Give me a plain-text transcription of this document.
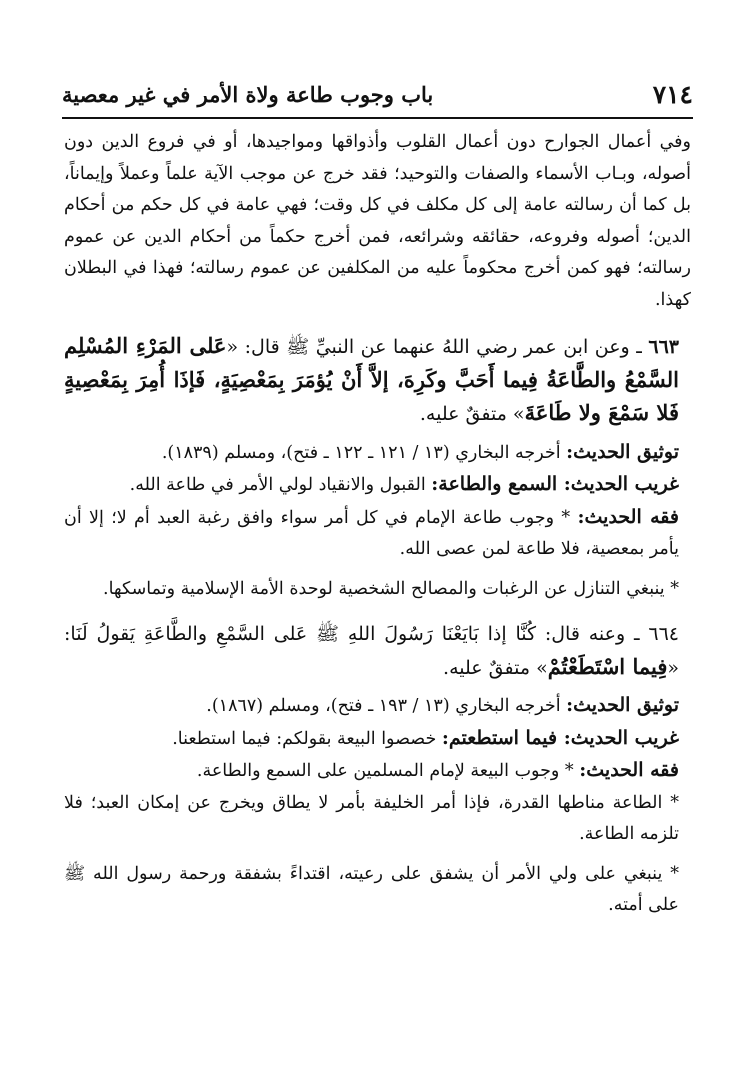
٧١٤
باب وجوب طاعة ولاة الأمر في غير معصية

وفي أعمال الجوارح دون أعمال القلوب وأذواقها ومواجيدها، أو في فروع الدين دون أصوله، وبـاب الأسماء والصفات والتوحيد؛ فقد خرج عن موجب الآية علماً وعملاً وإيماناً، بل كما أن رسالته عامة إلى كل مكلف في كل وقت؛ فهي عامة في كل حكم من أحكام الدين؛ أصوله وفروعه، حقائقه وشرائعه، فمن أخرج حكماً من أحكام الدين عن عموم رسالته؛ فهو كمن أخرج محكوماً عليه من المكلفين عن عموم رسالته؛ فهذا في البطلان كهذا.

٦٦٣ ـ وعن ابن عمر رضي اللهُ عنهما عن النبيِّ ﷺ قال: «عَلى المَرْءِ المُسْلِم السَّمْعُ والطَّاعَةُ فِيما أَحَبَّ وكَرِهَ، إلاَّ أَنْ يُؤمَرَ بِمَعْصِيَةٍ، فَإذَا أُمِرَ بِمَعْصِيةٍ فَلا سَمْعَ ولا طَاعَةَ» متفقٌ عليه.

توثيق الحديث: أخرجه البخاري (١٣ / ١٢١ ـ ١٢٢ ـ فتح)، ومسلم (١٨٣٩).

غريب الحديث: السمع والطاعة: القبول والانقياد لولي الأمر في طاعة الله.

فقه الحديث: * وجوب طاعة الإمام في كل أمر سواء وافق رغبة العبد أم لا؛ إلا أن يأمر بمعصية، فلا طاعة لمن عصى الله.

* ينبغي التنازل عن الرغبات والمصالح الشخصية لوحدة الأمة الإسلامية وتماسكها.

٦٦٤ ـ وعنه قال: كُنَّا إذا بَايَعْنَا رَسُولَ اللهِ ﷺ عَلى السَّمْعِ والطَّاعَةِ يَقولُ لَنَا: «فِيما اسْتَطَعْتُمْ» متفقٌ عليه.

توثيق الحديث: أخرجه البخاري (١٣ / ١٩٣ ـ فتح)، ومسلم (١٨٦٧).

غريب الحديث: فيما استطعتم: خصصوا البيعة بقولكم: فيما استطعنا.

فقه الحديث: * وجوب البيعة لإمام المسلمين على السمع والطاعة.

* الطاعة مناطها القدرة، فإذا أمر الخليفة بأمر لا يطاق ويخرج عن إمكان العبد؛ فلا تلزمه الطاعة.

* ينبغي على ولي الأمر أن يشفق على رعيته، اقتداءً بشفقة ورحمة رسول الله ﷺ على أمته.
